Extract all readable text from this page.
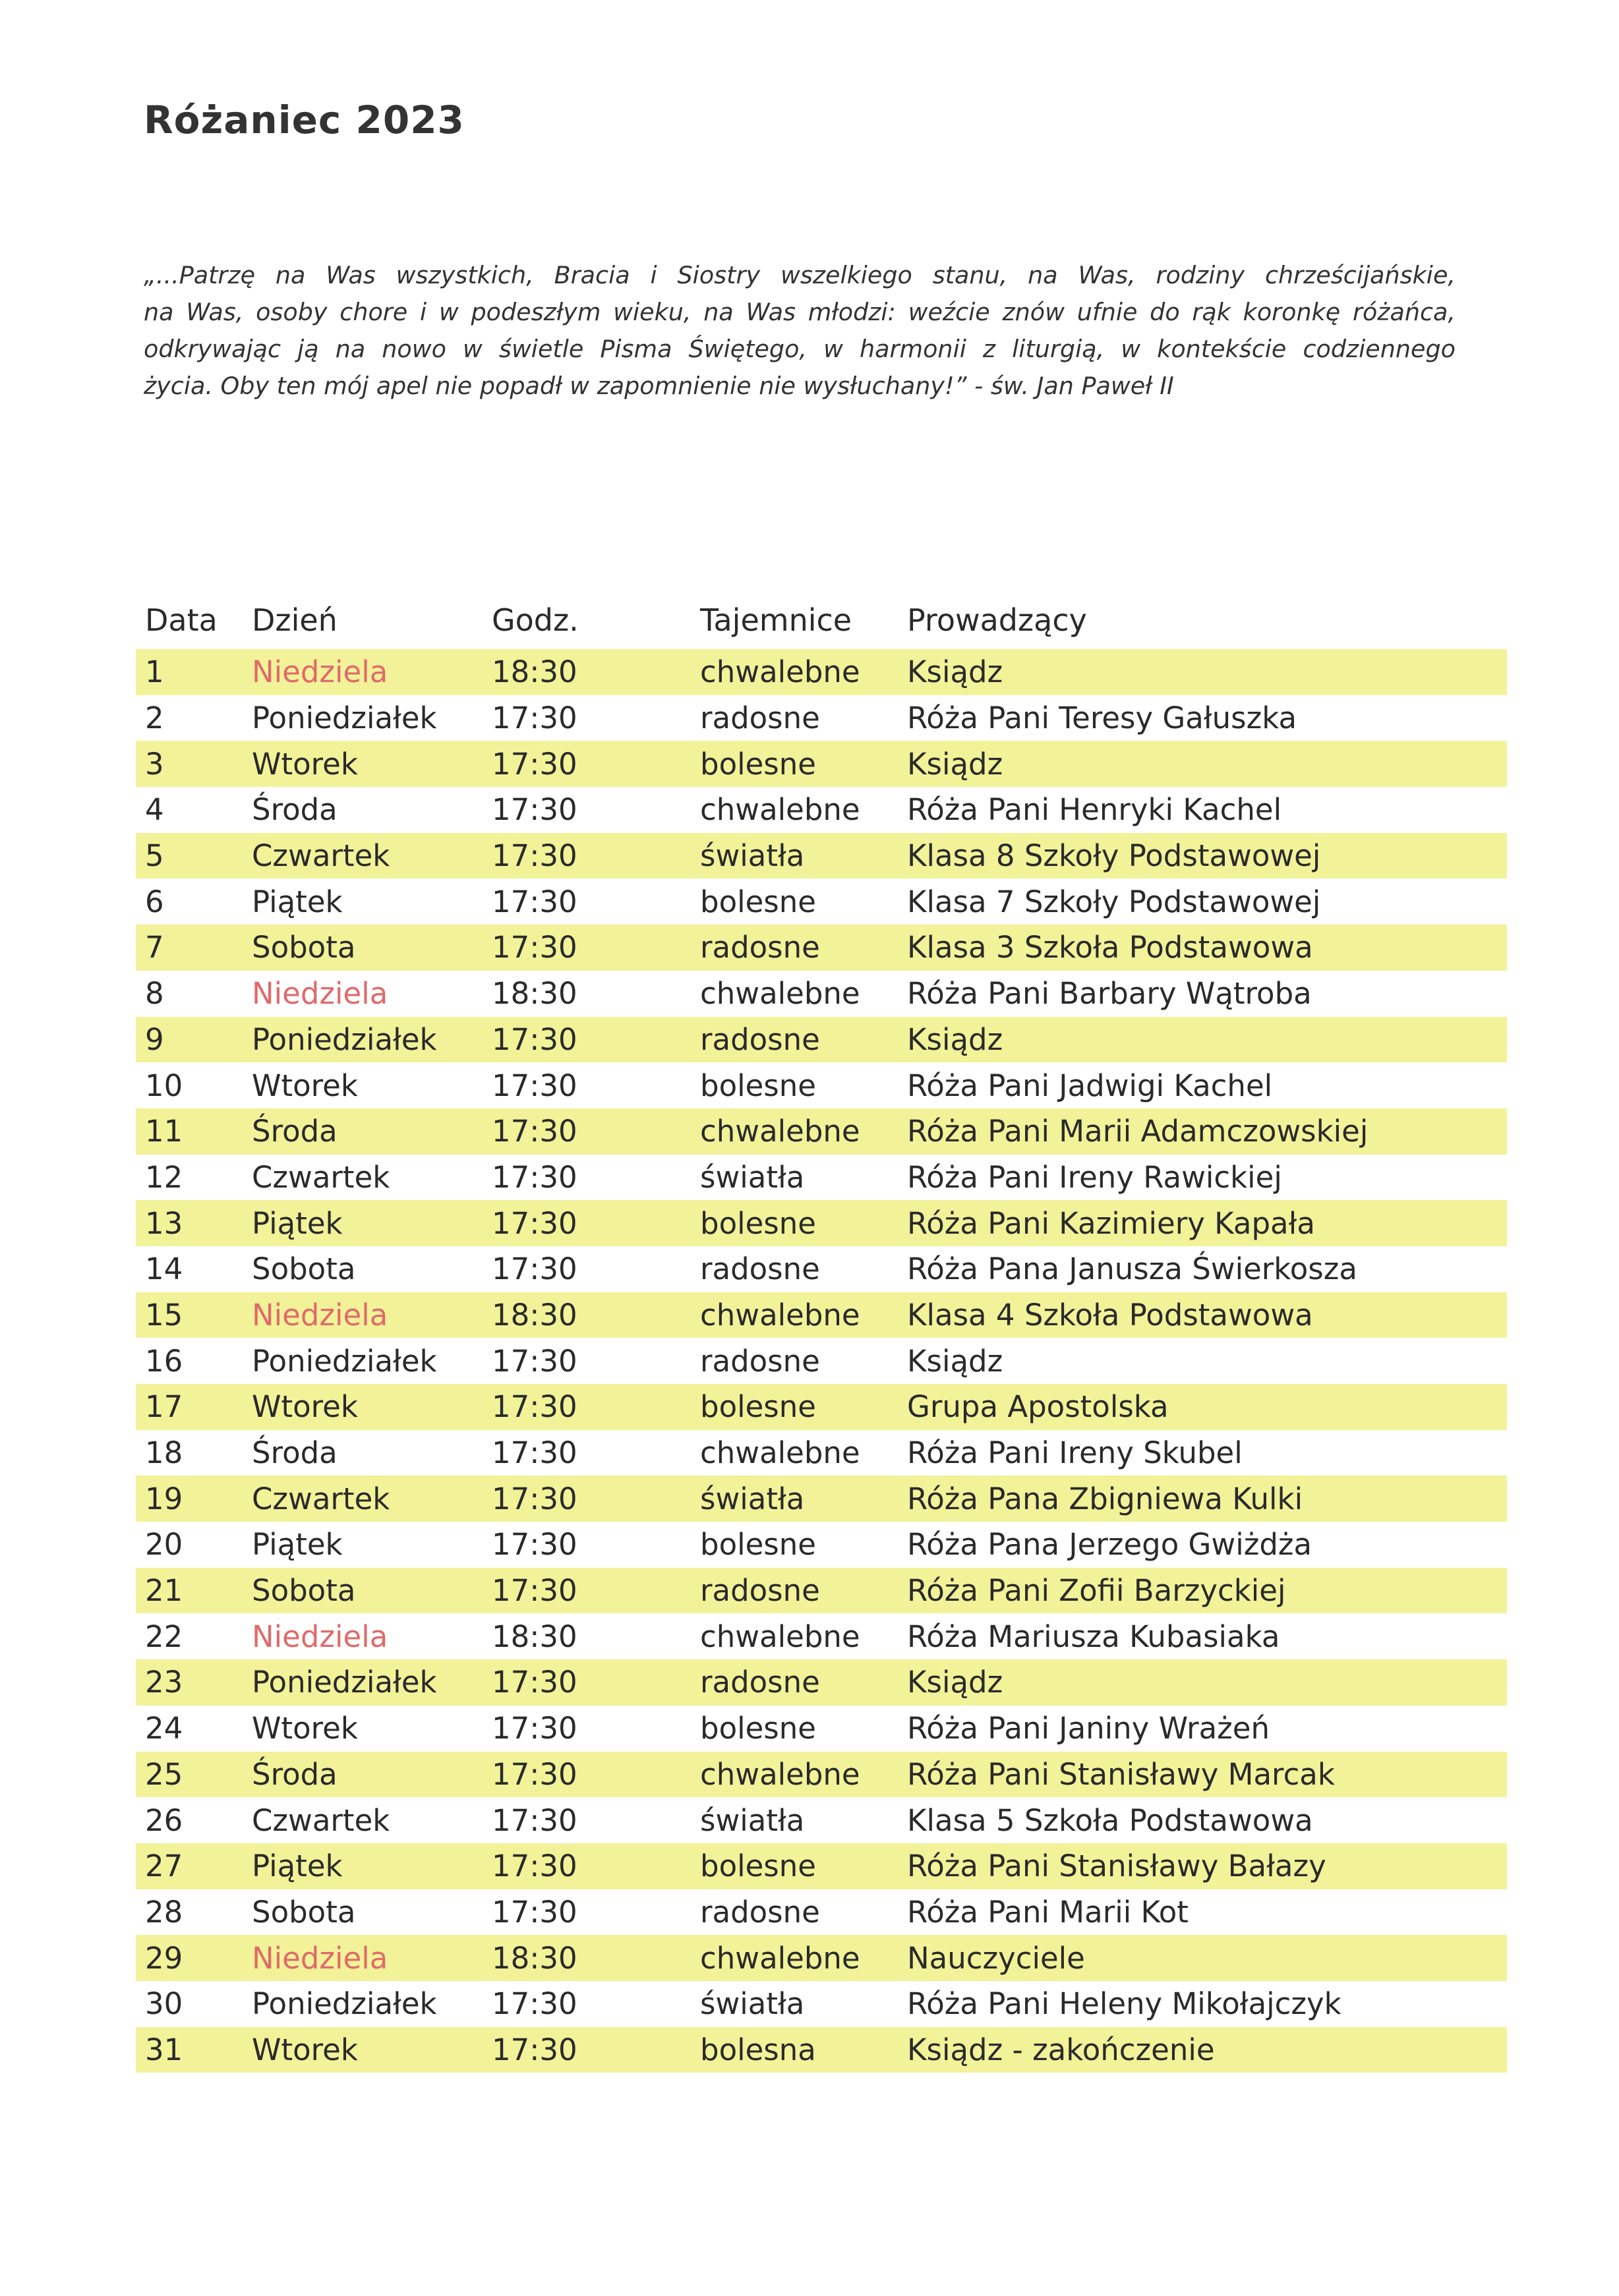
Różaniec 2023
„...Patrzę na Was wszystkich, Bracia i Siostry wszelkiego stanu, na Was, rodziny chrześcijańskie,
na Was, osoby chore i w podeszłym wieku, na Was młodzi: weźcie znów ufnie do rąk koronkę różańca,
odkrywając ją na nowo w świetle Pisma Świętego, w harmonii z liturgią, w kontekście codziennego
życia. Oby ten mój apel nie popadł w zapomnienie nie wysłuchany!” - św. Jan Paweł II
Data Dzień	Godz.	Tajemnice Prowadzący
1	Niedziela	18:30	chwalebne Ksiądz
2	Poniedziałek 17:30	radosne	Róża Pani Teresy Gałuszka
3	Wtorek	17:30	bolesne	Ksiądz
4	Środa	17:30	chwalebne Róża Pani Henryki Kachel
5	Czwartek	17:30	światła	Klasa 8 Szkoły Podstawowej
6	Piątek	17:30	bolesne	Klasa 7 Szkoły Podstawowej
7	Sobota	17:30	radosne	Klasa 3 Szkoła Podstawowa
8	Niedziela	18:30	chwalebne Róża Pani Barbary Wątroba
9	Poniedziałek 17:30	radosne	Ksiądz
10 Wtorek	17:30	bolesne	Róża Pani Jadwigi Kachel
11 Środa	17:30	chwalebne Róża Pani Marii Adamczowskiej
12 Czwartek	17:30	światła	Róża Pani Ireny Rawickiej
13 Piątek	17:30	bolesne	Róża Pani Kazimiery Kapała
14 Sobota	17:30	radosne	Róża Pana Janusza Świerkosza
15 Niedziela	18:30	chwalebne Klasa 4 Szkoła Podstawowa
16 Poniedziałek 17:30	radosne	Ksiądz
17 Wtorek	17:30	bolesne	Grupa Apostolska
18 Środa	17:30	chwalebne Róża Pani Ireny Skubel
19 Czwartek	17:30	światła	Róża Pana Zbigniewa Kulki
20 Piątek	17:30	bolesne	Róża Pana Jerzego Gwiżdża
21 Sobota	17:30	radosne	Róża Pani Zofii Barzyckiej
22 Niedziela	18:30	chwalebne Róża Mariusza Kubasiaka
23 Poniedziałek 17:30	radosne	Ksiądz
24 Wtorek	17:30	bolesne	Róża Pani Janiny Wrażeń
25 Środa	17:30	chwalebne Róża Pani Stanisławy Marcak
26 Czwartek	17:30	światła	Klasa 5 Szkoła Podstawowa
27 Piątek	17:30	bolesne	Róża Pani Stanisławy Bałazy
28 Sobota	17:30	radosne	Róża Pani Marii Kot
29 Niedziela	18:30	chwalebne Nauczyciele
30 Poniedziałek 17:30	światła	Róża Pani Heleny Mikołajczyk
31 Wtorek	17:30	bolesna	Ksiądz - zakończenie
